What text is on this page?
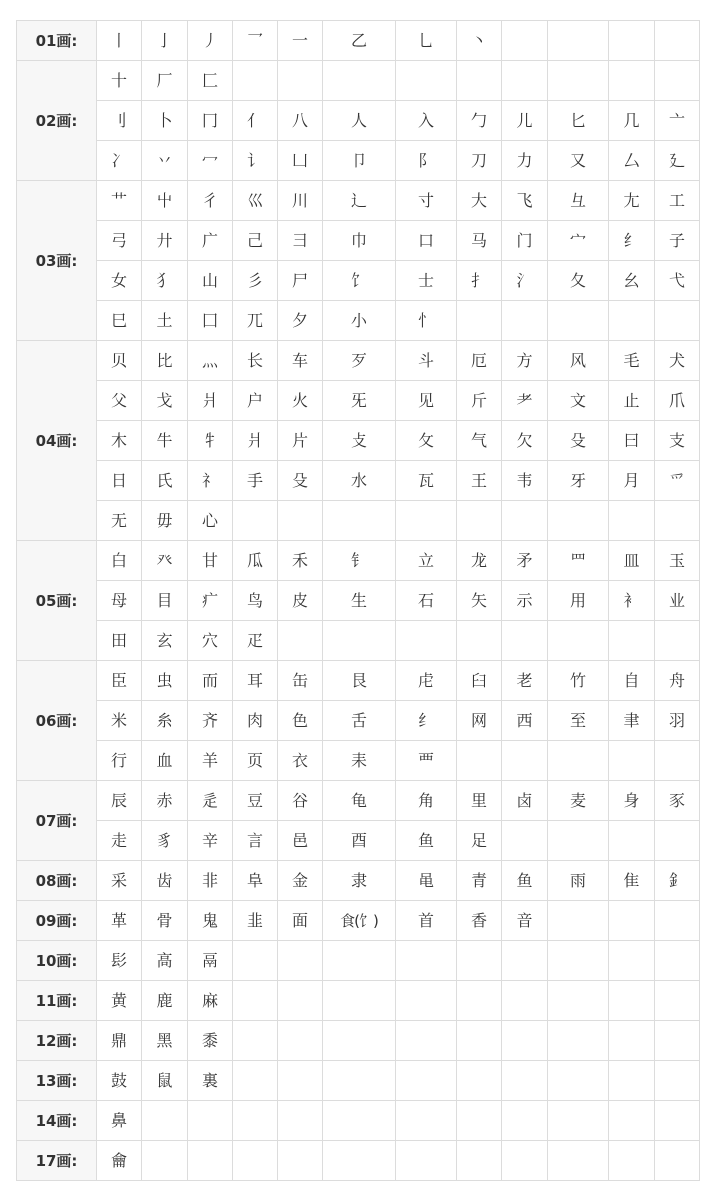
01画:	丨	亅	丿	乛	一	乙	乚	丶				
02画:	十	厂	匚									
	刂	卜	冂	亻	八	人	入	勹	儿	匕	几	亠
	冫	丷	冖	讠	凵	卩	阝	刀	力	又	厶	廴
03画:	艹	屮	彳	巛	川	辶	寸	大	飞	彑	尢	工
	弓	廾	广	己	彐	巾	口	马	门	宀	纟	子
	女	犭	山	彡	尸	饣	士	扌	氵	夂	幺	弋
	巳	土	囗	兀	夕	小	忄					
04画:	贝	比	灬	长	车	歹	斗	厄	方	风	毛	犬
	父	戈	爿	户	火	旡	见	斤	耂	文	止	爪
	木	牛	牜	爿	片	攴	攵	气	欠	殳	曰	支
	日	氏	礻	手	殳	水	瓦	王	韦	牙	月	爫
	无	毋	心									
05画:	白	癶	甘	瓜	禾	钅	立	龙	矛	罒	皿	玉
	母	目	疒	鸟	皮	生	石	矢	示	用	衤	业
	田	玄	穴	疋								
06画:	臣	虫	而	耳	缶	艮	虍	臼	老	竹	自	舟
	米	糸	齐	肉	色	舌	纟	网	西	至	聿	羽
	行	血	羊	页	衣	耒	覀					
07画:	辰	赤	辵	豆	谷	龟	角	里	卤	麦	身	豕
	走	豸	辛	言	邑	酉	鱼	足				
08画:	采	齿	非	阜	金	隶	黾	青	鱼	雨	隹	釒
09画:	革	骨	鬼	韭	面	食(饣)	首	香	音			
10画:	髟	高	鬲									
11画:	黄	鹿	麻									
12画:	鼎	黑	黍									
13画:	鼓	鼠	裏									
14画:	鼻											
17画:	龠											
